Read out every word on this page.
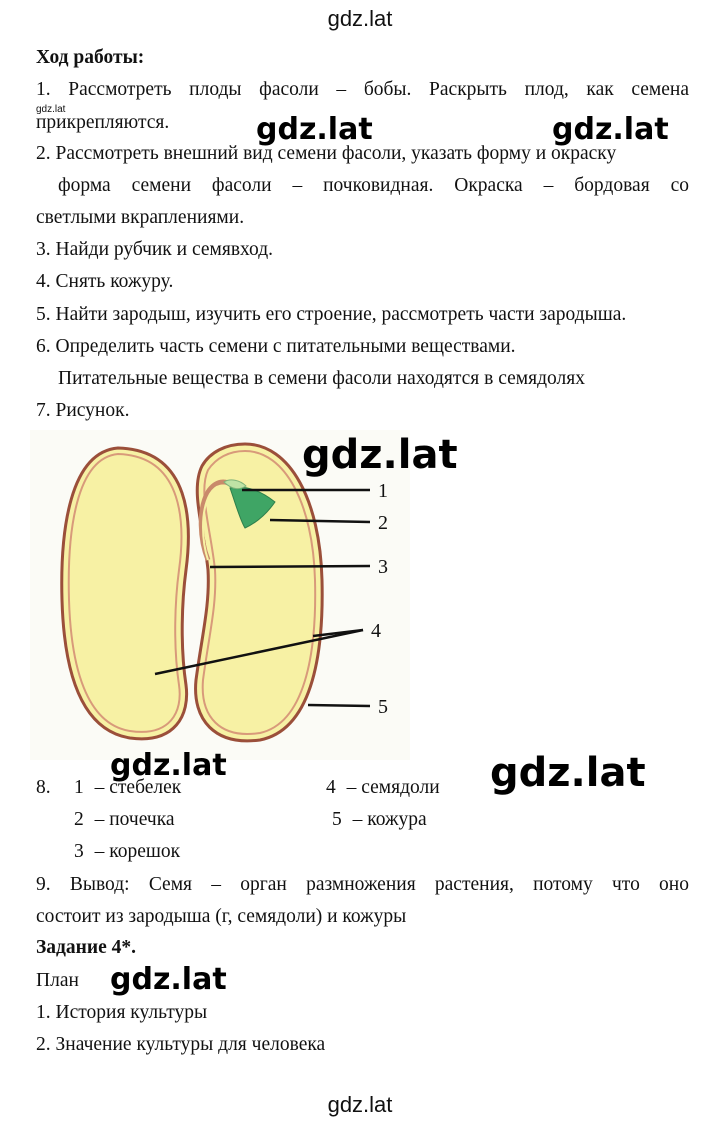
gdz.lat
Ход работы:
1. Рассмотреть плоды фасоли – бобы. Раскрыть плод, как семена
gdz.lat
прикрепляются.
2. Рассмотреть внешний вид семени фасоли, указать форму и окраску
форма семени фасоли – почковидная. Окраска – бордовая со
светлыми вкраплениями.
3. Найди рубчик и семявход.
4. Снять кожуру.
5. Найти зародыш, изучить его строение, рассмотреть части зародыша.
6. Определить часть семени с питательными веществами.
Питательные вещества в семени фасоли находятся в семядолях
7. Рисунок.
1
2
3
4
5
8. 1 – стебелек
2 – почечка
3 – корешок
4 – семядоли
5 – кожура
9. Вывод: Семя – орган размножения растения, потому что оно
состоит из зародыша (г, семядоли) и кожуры
Задание 4*.
План
1. История культуры
2. Значение культуры для человека
gdz.lat	gdz.lat
gdz.lat
gdz.lat	gdz.lat
gdz.lat
gdz.lat
